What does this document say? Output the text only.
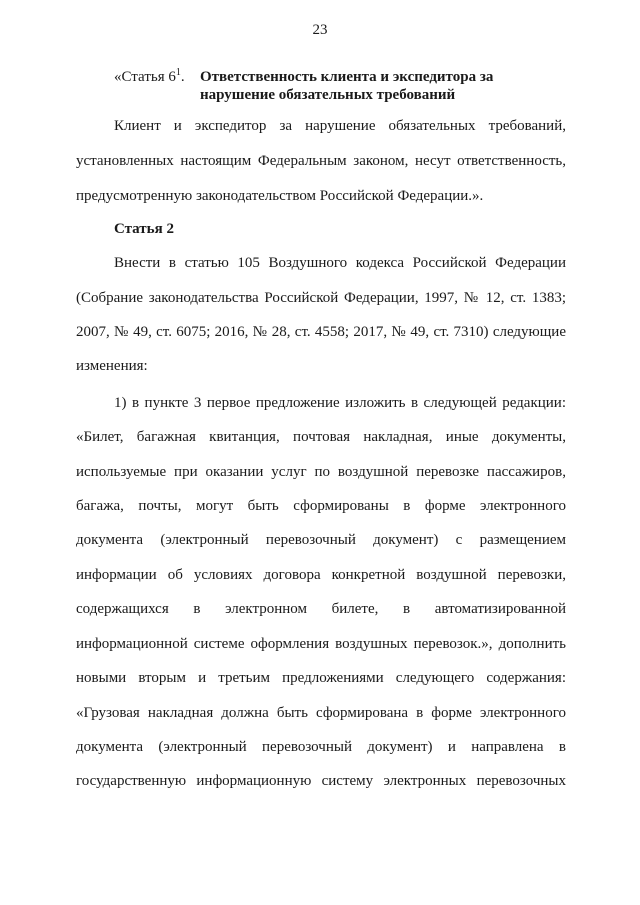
23
«Статья $6^1$. Ответственность клиента и экспедитора за
нарушение обязательных требований
Клиент и экспедитор за нарушение обязательных требований,
установленных настоящим Федеральным законом, несут ответственность,
предусмотренную законодательством Российской Федерации.».
Статья 2
Внести в статью 105 Воздушного кодекса Российской Федерации
(Собрание законодательства Российской Федерации, 1997, № 12, ст. 1383;
2007, № 49, ст. 6075; 2016, № 28, ст. 4558; 2017, № 49, ст. 7310) следующие
изменения:
1) в пункте 3 первое предложение изложить в следующей редакции:
«Билет, багажная квитанция, почтовая накладная, иные документы,
используемые при оказании услуг по воздушной перевозке пассажиров,
багажа, почты, могут быть сформированы в форме электронного
документа (электронный перевозочный документ) с размещением
информации об условиях договора конкретной воздушной перевозки,
содержащихся в электронном билете, в автоматизированной
информационной системе оформления воздушных перевозок.», дополнить
новыми вторым и третьим предложениями следующего содержания:
«Грузовая накладная должна быть сформирована в форме электронного
документа (электронный перевозочный документ) и направлена в
государственную информационную систему электронных перевозочных
